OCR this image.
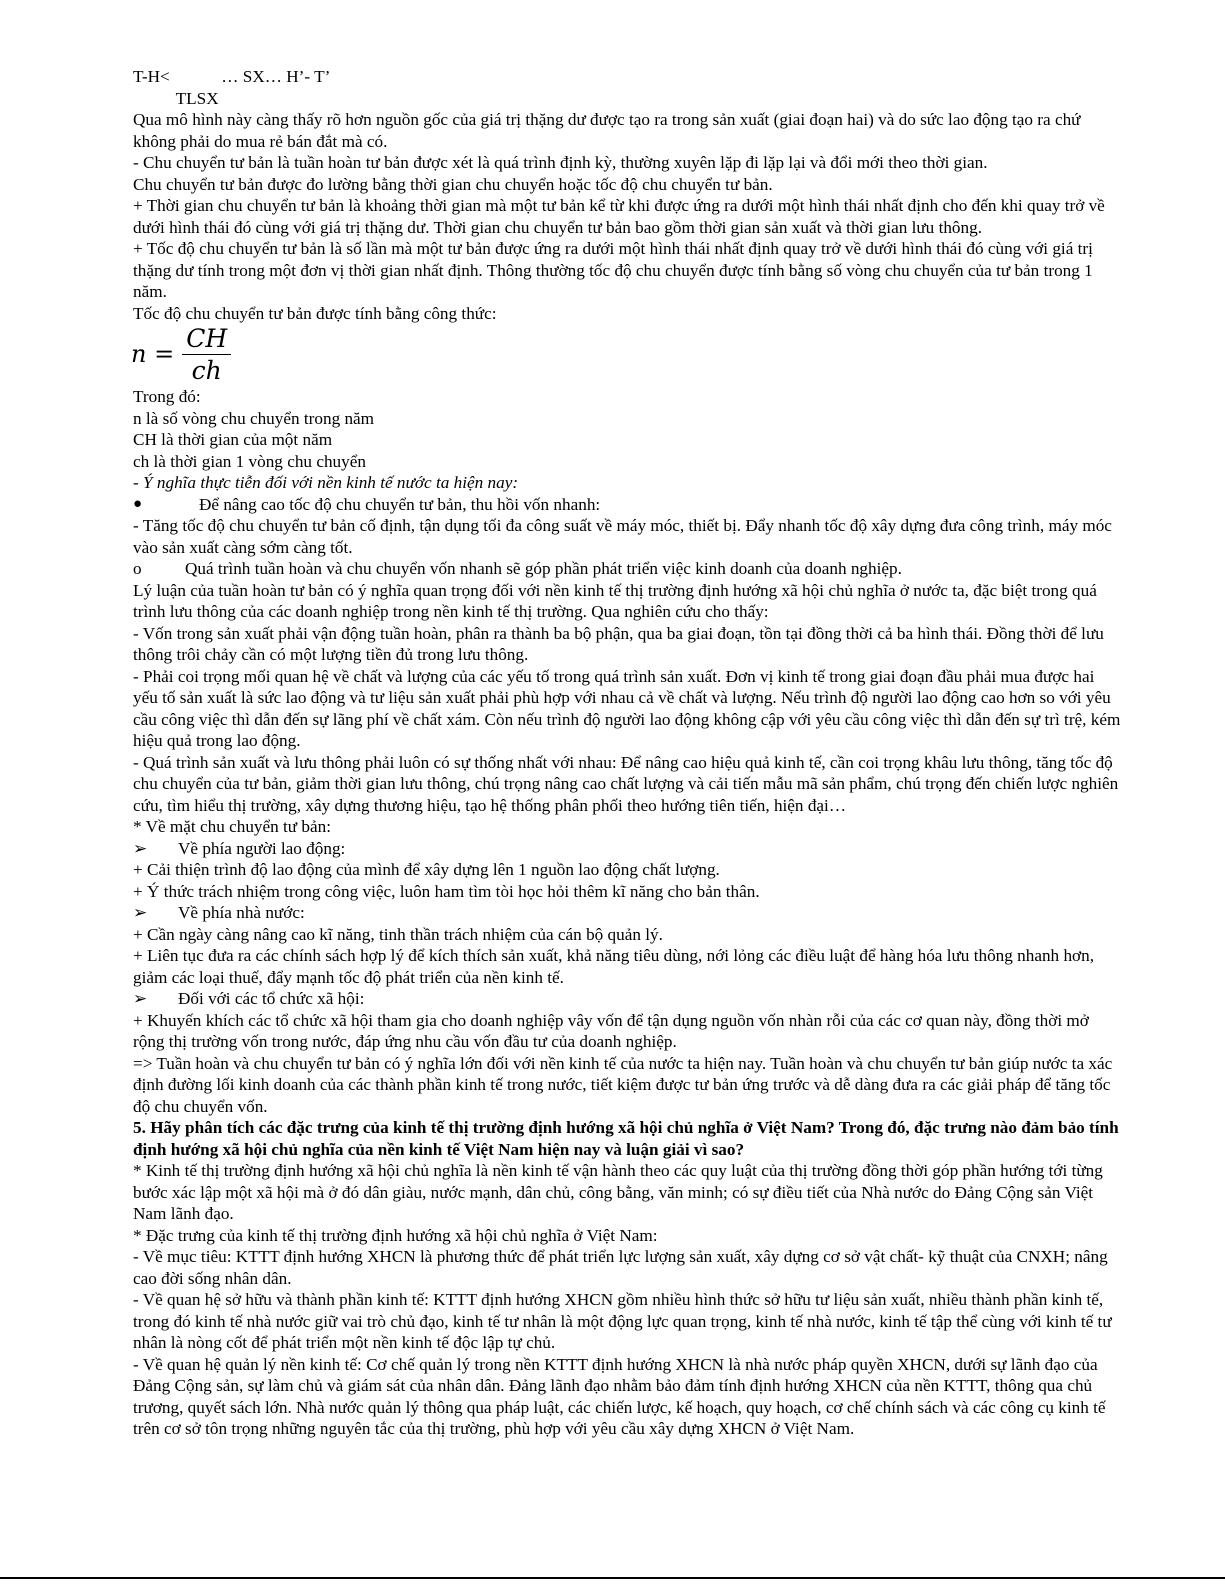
T-H<            … SX… H’- T’

TLSX

Qua mô hình này càng thấy rõ hơn nguồn gốc của giá trị thặng dư được tạo ra trong sản xuất (giai đoạn hai) và do sức lao động tạo ra chứ không phải do mua rẻ bán đắt mà có.

- Chu chuyển tư bản là tuần hoàn tư bản được xét là quá trình định kỳ, thường xuyên lặp đi lặp lại và đổi mới theo thời gian.

Chu chuyển tư bản được đo lường bằng thời gian chu chuyển hoặc tốc độ chu chuyển tư bản.

+ Thời gian chu chuyển tư bản là khoảng thời gian mà một tư bản kể từ khi được ứng ra dưới một hình thái nhất định cho đến khi quay trở về dưới hình thái đó cùng với giá trị thặng dư. Thời gian chu chuyển tư bản bao gồm thời gian sản xuất và thời gian lưu thông.

+ Tốc độ chu chuyển tư bản là số lần mà một tư bản được ứng ra dưới một hình thái nhất định quay trở về dưới hình thái đó cùng với giá trị thặng dư tính trong một đơn vị thời gian nhất định. Thông thường tốc độ chu chuyển được tính bằng số vòng chu chuyển của tư bản trong 1 năm.

Tốc độ chu chuyển tư bản được tính bằng công thức:

$n = \frac{CH}{ch}$

Trong đó:

n là số vòng chu chuyển trong năm

CH là thời gian của một năm

ch là thời gian 1 vòng chu chuyển

- Ý nghĩa thực tiễn đối với nền kinh tế nước ta hiện nay:

●	Để nâng cao tốc độ chu chuyển tư bản, thu hồi vốn nhanh:

- Tăng tốc độ chu chuyển tư bản cố định, tận dụng tối đa công suất về máy móc, thiết bị. Đẩy nhanh tốc độ xây dựng đưa công trình, máy móc vào sản xuất càng sớm càng tốt.

o	Quá trình tuần hoàn và chu chuyển vốn nhanh sẽ góp phần phát triển việc kinh doanh của doanh nghiệp.

Lý luận của tuần hoàn tư bản có ý nghĩa quan trọng đối với nền kinh tế thị trường định hướng xã hội chủ nghĩa ở nước ta, đặc biệt trong quá trình lưu thông của các doanh nghiệp trong nền kinh tế thị trường. Qua nghiên cứu cho thấy:

- Vốn trong sản xuất phải vận động tuần hoàn, phân ra thành ba bộ phận, qua ba giai đoạn, tồn tại đồng thời cả ba hình thái. Đồng thời để lưu thông trôi chảy cần có một lượng tiền đủ trong lưu thông.

- Phải coi trọng mối quan hệ về chất và lượng của các yếu tố trong quá trình sản xuất. Đơn vị kinh tế trong giai đoạn đầu phải mua được hai yếu tố sản xuất là sức lao động và tư liệu sản xuất phải phù hợp với nhau cả về chất và lượng. Nếu trình độ người lao động cao hơn so với yêu cầu công việc thì dẫn đến sự lãng phí về chất xám. Còn nếu trình độ người lao động không cập với yêu cầu công việc thì dẫn đến sự trì trệ, kém hiệu quả trong lao động.

- Quá trình sản xuất và lưu thông phải luôn có sự thống nhất với nhau: Để nâng cao hiệu quả kinh tế, cần coi trọng khâu lưu thông, tăng tốc độ chu chuyển của tư bản, giảm thời gian lưu thông, chú trọng nâng cao chất lượng và cải tiến mẫu mã sản phẩm, chú trọng đến chiến lược nghiên cứu, tìm hiểu thị trường, xây dựng thương hiệu, tạo hệ thống phân phối theo hướng tiên tiến, hiện đại…

* Về mặt chu chuyển tư bản:

➢	Về phía người lao động:

+ Cải thiện trình độ lao động của mình để xây dựng lên 1 nguồn lao động chất lượng.

+ Ý thức trách nhiệm trong công việc, luôn ham tìm tòi học hỏi thêm kĩ năng cho bản thân.

➢	Về phía nhà nước:

+ Cần ngày càng nâng cao kĩ năng, tinh thần trách nhiệm của cán bộ quản lý.

+ Liên tục đưa ra các chính sách hợp lý để kích thích sản xuất, khả năng tiêu dùng, nới lỏng các điều luật để hàng hóa lưu thông nhanh hơn, giảm các loại thuế, đẩy mạnh tốc độ phát triển của nền kinh tế.

➢	Đối với các tổ chức xã hội:

+ Khuyến khích các tổ chức xã hội tham gia cho doanh nghiệp vây vốn để tận dụng nguồn vốn nhàn rỗi của các cơ quan này, đồng thời mở rộng thị trường vốn trong nước, đáp ứng nhu cầu vốn đầu tư của doanh nghiệp.

=> Tuần hoàn và chu chuyển tư bản có ý nghĩa lớn đối với nền kinh tế của nước ta hiện nay. Tuần hoàn và chu chuyển tư bản giúp nước ta xác định đường lối kinh doanh của các thành phần kinh tế trong nước, tiết kiệm được tư bản ứng trước và dễ dàng đưa ra các giải pháp để tăng tốc độ chu chuyển vốn.

5. Hãy phân tích các đặc trưng của kinh tế thị trường định hướng xã hội chủ nghĩa ở Việt Nam? Trong đó, đặc trưng nào đảm bảo tính định hướng xã hội chủ nghĩa của nền kinh tế Việt Nam hiện nay và luận giải vì sao?

* Kinh tế thị trường định hướng xã hội chủ nghĩa là nền kinh tế vận hành theo các quy luật của thị trường đồng thời góp phần hướng tới từng bước xác lập một xã hội mà ở đó dân giàu, nước mạnh, dân chủ, công bằng, văn minh; có sự điều tiết của Nhà nước do Đảng Cộng sản Việt Nam lãnh đạo.

* Đặc trưng của kinh tế thị trường định hướng xã hội chủ nghĩa ở Việt Nam:

- Về mục tiêu: KTTT định hướng XHCN là phương thức để phát triển lực lượng sản xuất, xây dựng cơ sở vật chất- kỹ thuật của CNXH; nâng cao đời sống nhân dân.

- Về quan hệ sở hữu và thành phần kinh tế: KTTT định hướng XHCN gồm nhiều hình thức sở hữu tư liệu sản xuất, nhiều thành phần kinh tế, trong đó kinh tế nhà nước giữ vai trò chủ đạo, kinh tế tư nhân là một động lực quan trọng, kinh tế nhà nước, kinh tế tập thể cùng với kinh tế tư nhân là nòng cốt để phát triển một nền kinh tế độc lập tự chủ.

- Về quan hệ quản lý nền kinh tế: Cơ chế quản lý trong nền KTTT định hướng XHCN là nhà nước pháp quyền XHCN, dưới sự lãnh đạo của Đảng Cộng sản, sự làm chủ và giám sát của nhân dân. Đảng lãnh đạo nhằm bảo đảm tính định hướng XHCN của nền KTTT, thông qua chủ trương, quyết sách lớn. Nhà nước quản lý thông qua pháp luật, các chiến lược, kế hoạch, quy hoạch, cơ chế chính sách và các công cụ kinh tế trên cơ sở tôn trọng những nguyên tắc của thị trường, phù hợp với yêu cầu xây dựng XHCN ở Việt Nam.
